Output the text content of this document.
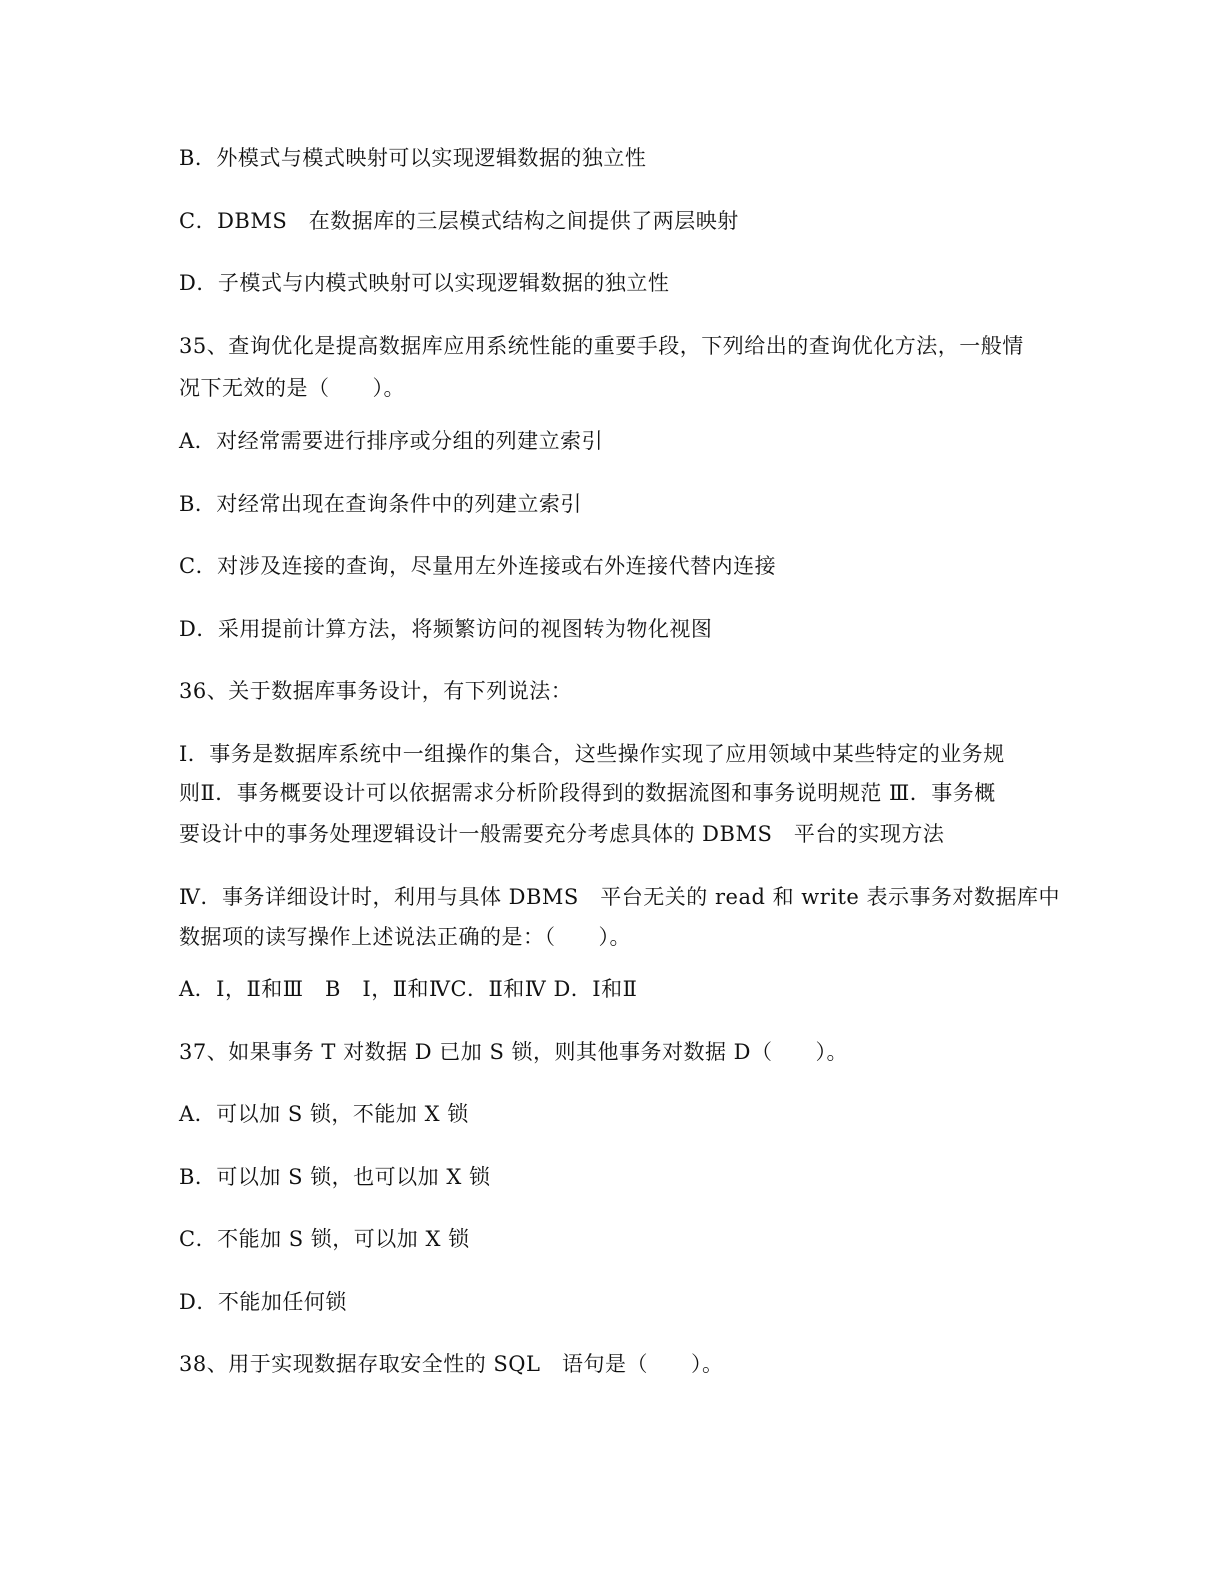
B．外模式与模式映射可以实现逻辑数据的独立性
C．DBMS　在数据库的三层模式结构之间提供了两层映射
D．子模式与内模式映射可以实现逻辑数据的独立性
35、查询优化是提高数据库应用系统性能的重要手段，下列给出的查询优化方法，一般情
况下无效的是（　　）。
A．对经常需要进行排序或分组的列建立索引
B．对经常出现在查询条件中的列建立索引
C．对涉及连接的查询，尽量用左外连接或右外连接代替内连接
D．采用提前计算方法，将频繁访问的视图转为物化视图
36、关于数据库事务设计，有下列说法：
Ⅰ．事务是数据库系统中一组操作的集合，这些操作实现了应用领域中某些特定的业务规
则Ⅱ．事务概要设计可以依据需求分析阶段得到的数据流图和事务说明规范 Ⅲ．事务概
要设计中的事务处理逻辑设计一般需要充分考虑具体的 DBMS　平台的实现方法
Ⅳ．事务详细设计时，利用与具体 DBMS　平台无关的 read 和 write 表示事务对数据库中
数据项的读写操作上述说法正确的是：（　　）。
A．Ⅰ，Ⅱ和Ⅲ　B　Ⅰ，Ⅱ和ⅣC．Ⅱ和Ⅳ D．Ⅰ和Ⅱ
37、如果事务 T 对数据 D 已加 S 锁，则其他事务对数据 D（　　）。
A．可以加 S 锁，不能加 X 锁
B．可以加 S 锁，也可以加 X 锁
C．不能加 S 锁，可以加 X 锁
D．不能加任何锁
38、用于实现数据存取安全性的 SQL　语句是（　　）。
